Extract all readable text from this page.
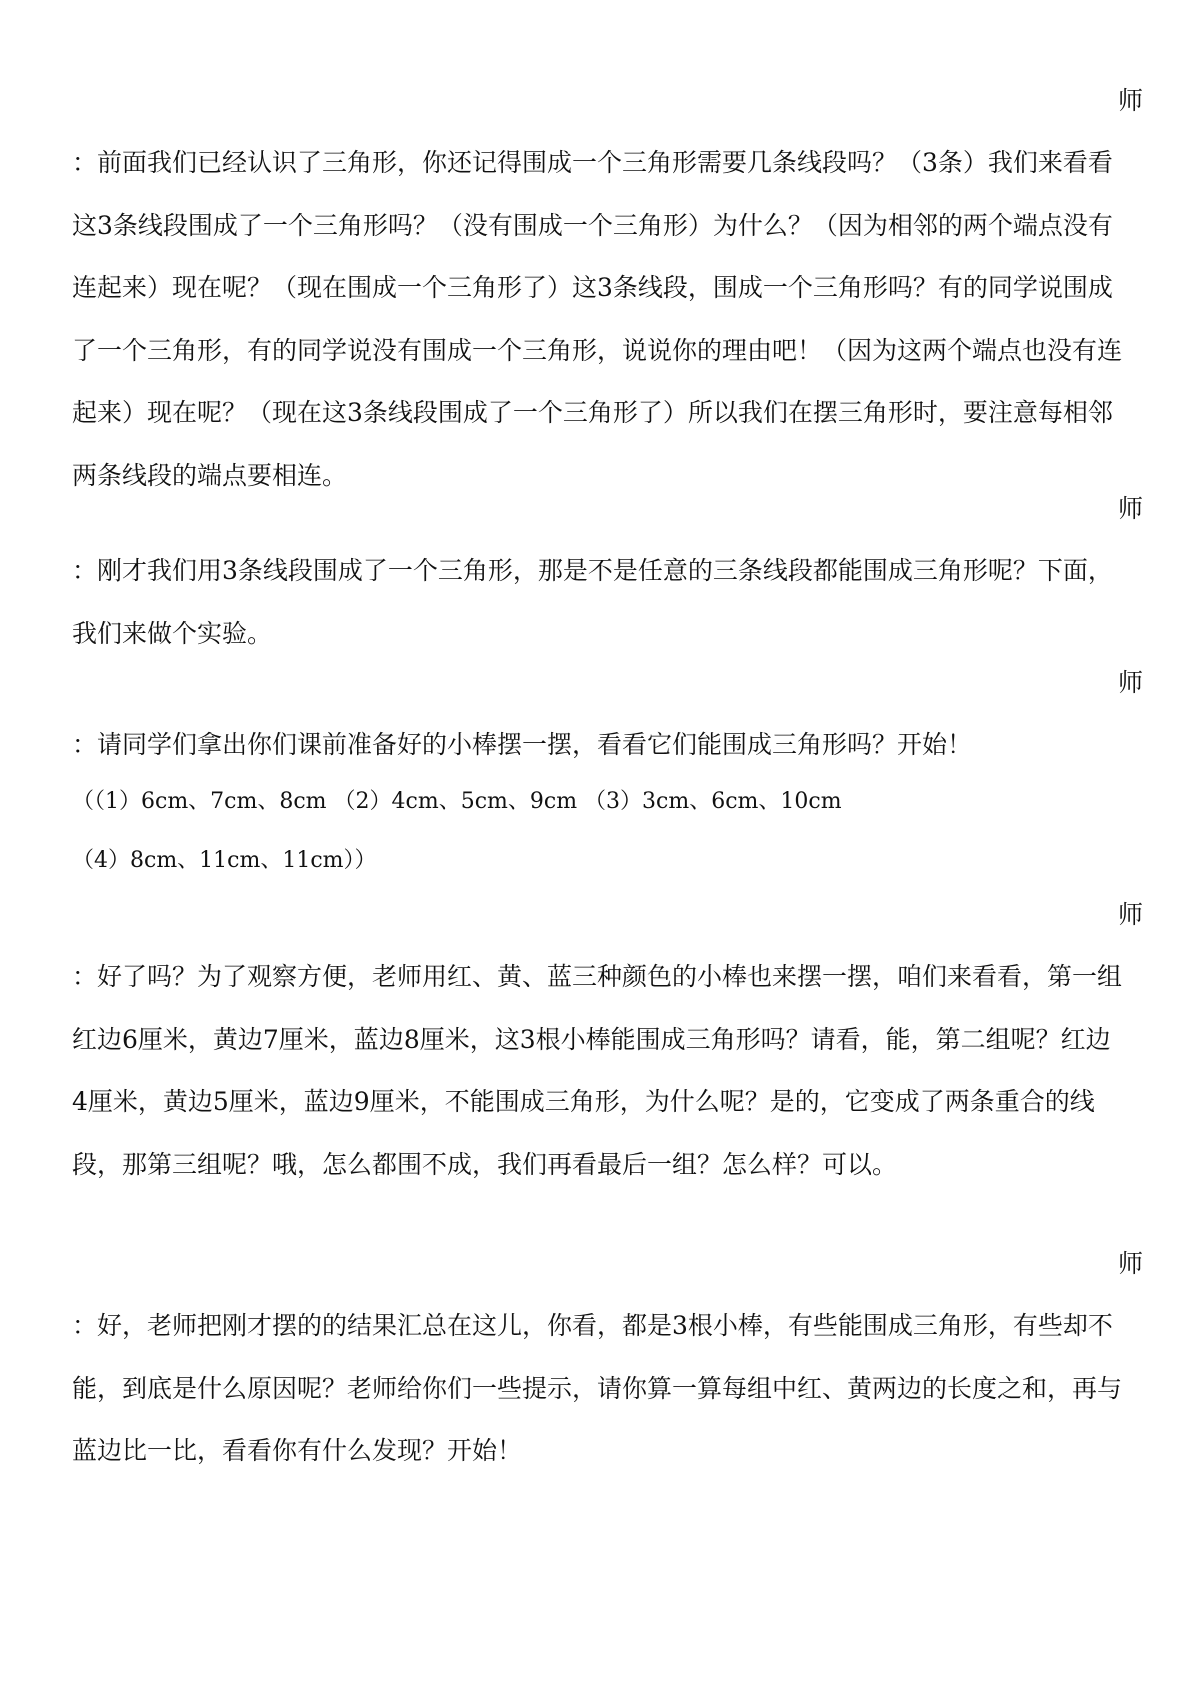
师

：前面我们已经认识了三角形，你还记得围成一个三角形需要几条线段吗？（3条）我们来看看这3条线段围成了一个三角形吗？（没有围成一个三角形）为什么？（因为相邻的两个端点没有连起来）现在呢？（现在围成一个三角形了）这3条线段，围成一个三角形吗？有的同学说围成了一个三角形，有的同学说没有围成一个三角形，说说你的理由吧！（因为这两个端点也没有连起来）现在呢？（现在这3条线段围成了一个三角形了）所以我们在摆三角形时，要注意每相邻两条线段的端点要相连。

师

：刚才我们用3条线段围成了一个三角形，那是不是任意的三条线段都能围成三角形呢？下面，我们来做个实验。

师

：请同学们拿出你们课前准备好的小棒摆一摆，看看它们能围成三角形吗？开始！

（（1）6cm、7cm、8cm （2）4cm、5cm、9cm （3）3cm、6cm、10cm

（4）8cm、11cm、11cm））

师

：好了吗？为了观察方便，老师用红、黄、蓝三种颜色的小棒也来摆一摆，咱们来看看，第一组红边6厘米，黄边7厘米，蓝边8厘米，这3根小棒能围成三角形吗？请看，能，第二组呢？红边4厘米，黄边5厘米，蓝边9厘米，不能围成三角形，为什么呢？是的，它变成了两条重合的线段，那第三组呢？哦，怎么都围不成，我们再看最后一组？怎么样？可以。

师

：好，老师把刚才摆的的结果汇总在这儿，你看，都是3根小棒，有些能围成三角形，有些却不能，到底是什么原因呢？老师给你们一些提示，请你算一算每组中红、黄两边的长度之和，再与蓝边比一比，看看你有什么发现？开始！
